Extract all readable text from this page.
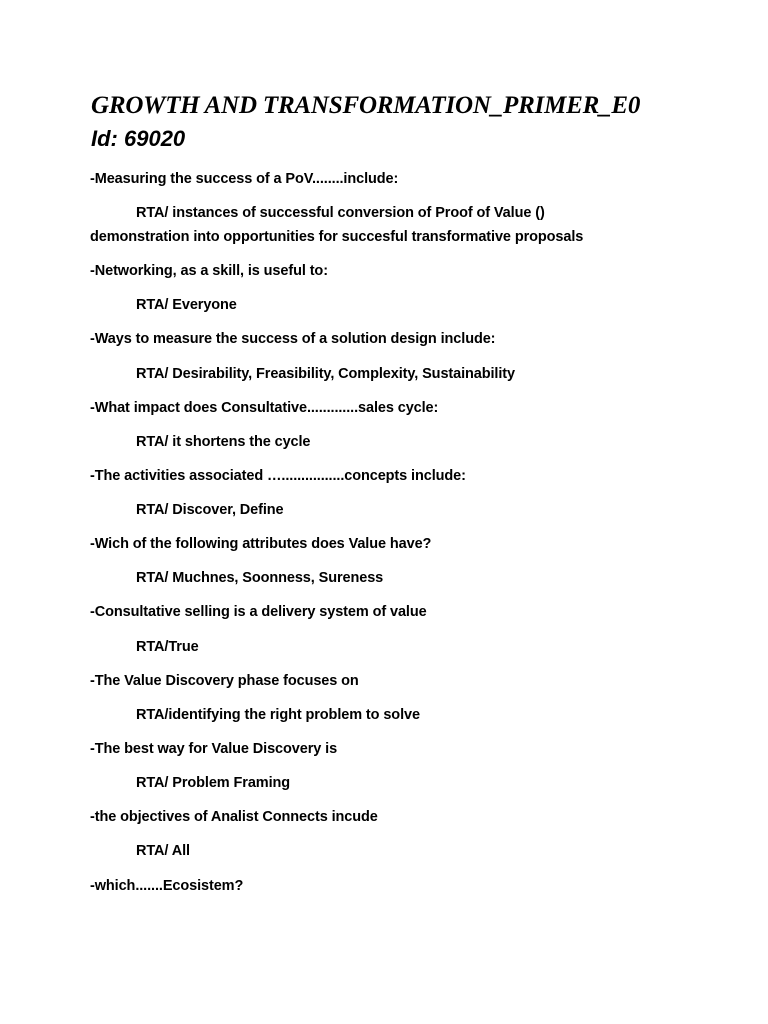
GROWTH AND TRANSFORMATION_PRIMER_E0
Id: 69020
-Measuring the success of a PoV........include:
RTA/ instances of successful conversion of Proof of Value ()
demonstration into opportunities for succesful transformative proposals
-Networking, as a skill, is useful to:
RTA/ Everyone
-Ways to measure the success of a solution design include:
RTA/ Desirability, Freasibility, Complexity, Sustainability
-What impact does Consultative.............sales cycle:
RTA/ it shortens the cycle
-The activities associated …................concepts include:
RTA/ Discover, Define
-Wich of the following attributes does Value have?
RTA/ Muchnes, Soonness, Sureness
-Consultative selling is a delivery system of value
RTA/True
-The Value Discovery phase focuses on
RTA/identifying the right problem to solve
-The best way for Value Discovery is
RTA/ Problem Framing
-the objectives of Analist Connects incude
RTA/ All
-which.......Ecosistem?
